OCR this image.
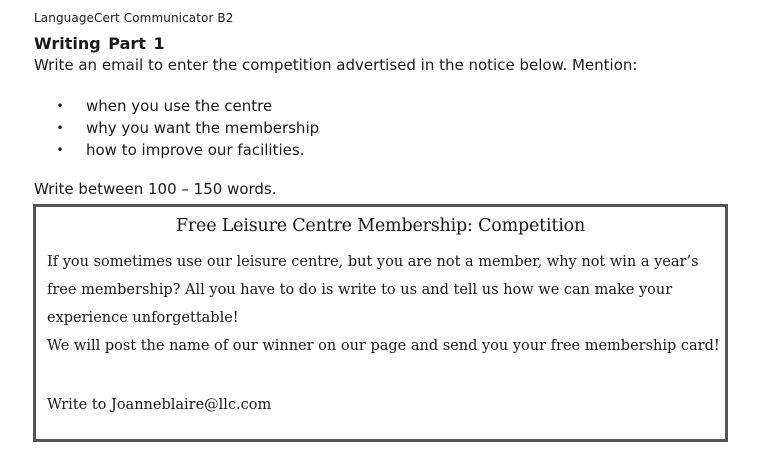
LanguageCert Communicator B2
Writing Part 1
Write an email to enter the competition advertised in the notice below. Mention:
• when you use the centre
• why you want the membership
• how to improve our facilities.
Write between 100 – 150 words.
Free Leisure Centre Membership: Competition

If you sometimes use our leisure centre, but you are not a member, why not win a year’s free membership? All you have to do is write to us and tell us how we can make your experience unforgettable!

We will post the name of our winner on our page and send you your free membership card!

Write to Joanneblaire@llc.com
